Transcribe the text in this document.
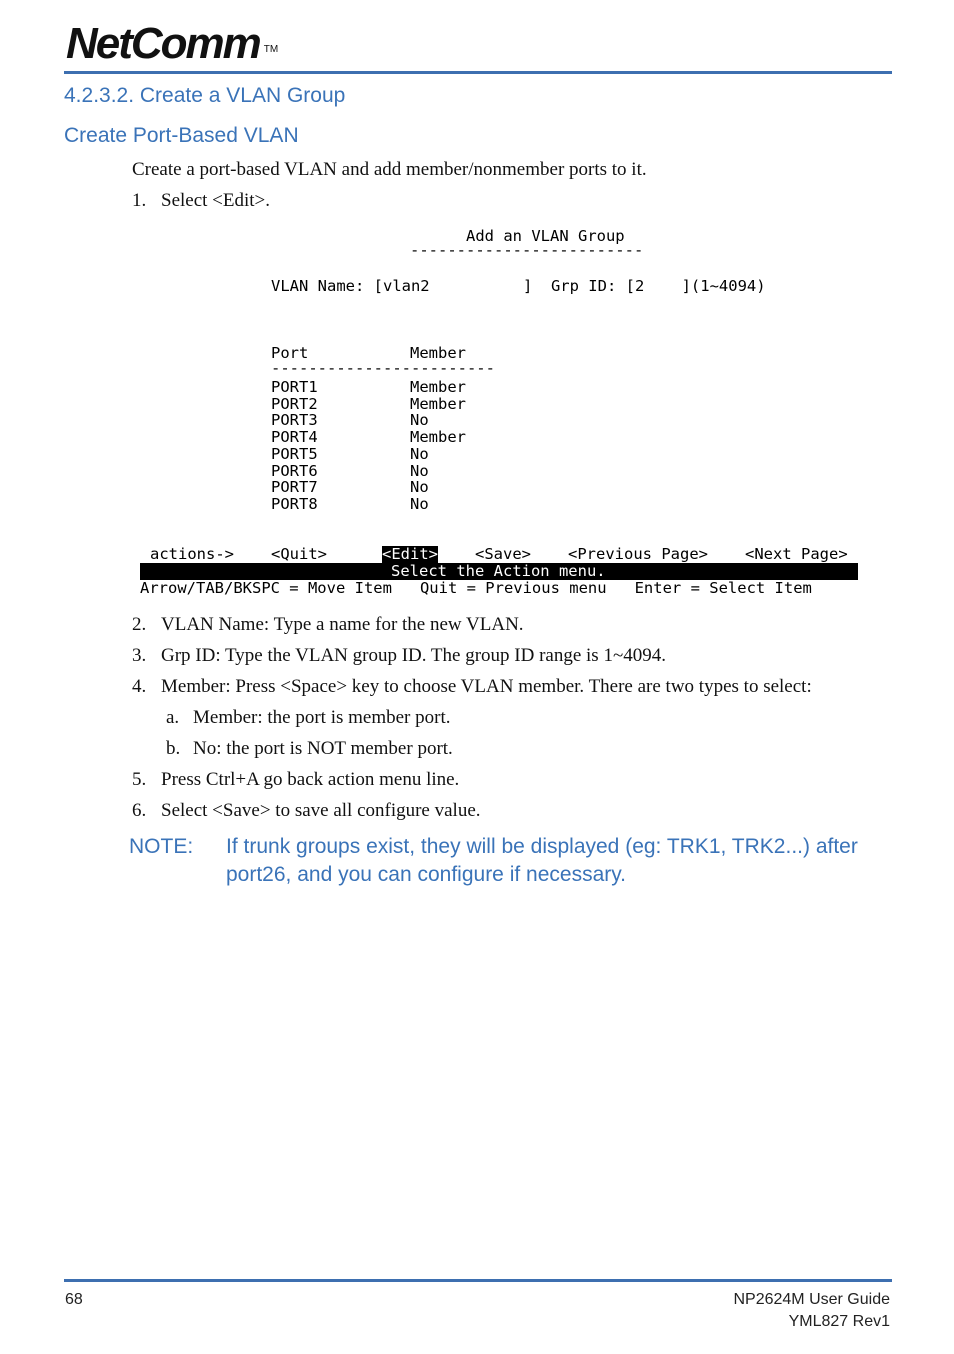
NetComm ™
4.2.3.2. Create a VLAN Group
Create Port-Based VLAN
Create a port-based VLAN and add member/nonmember ports to it.
1. Select <Edit>.
Add an VLAN Group
-------------------------
VLAN Name: [vlan2          ]  Grp ID: [2    ](1~4094)
Port	Member
------------------------
PORT1	Member
PORT2	Member
PORT3	No
PORT4	Member
PORT5	No
PORT6	No
PORT7	No
PORT8	No
actions-> <Quit>	<Edit> <Save> <Previous Page> <Next Page>
Select the Action menu.
Arrow/TAB/BKSPC = Move Item   Quit = Previous menu   Enter = Select Item
2. VLAN Name: Type a name for the new VLAN.
3. Grp ID: Type the VLAN group ID. The group ID range is 1~4094.
4. Member: Press <Space> key to choose VLAN member. There are two types to select:
a. Member: the port is member port.
b. No: the port is NOT member port.
5. Press Ctrl+A go back action menu line.
6. Select <Save> to save all configure value.
NOTE: If trunk groups exist, they will be displayed (eg: TRK1, TRK2...) after
port26, and you can configure if necessary.
68	NP2624M User Guide
YML827 Rev1
